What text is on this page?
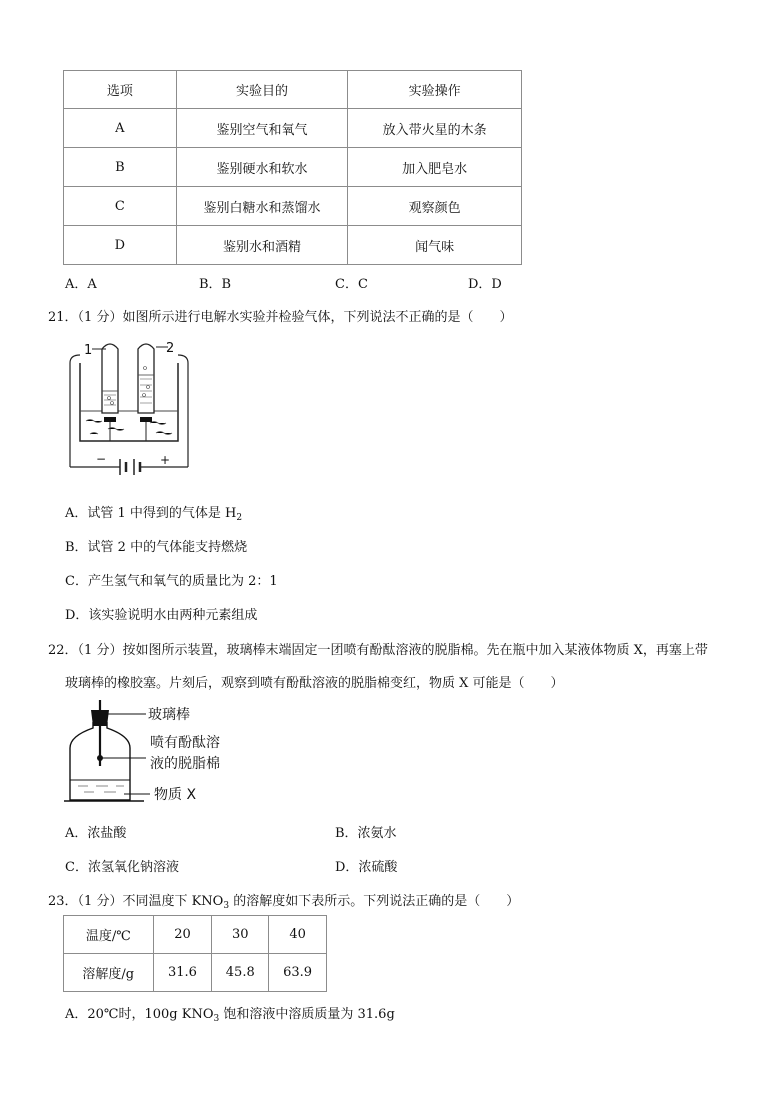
选项	实验目的	实验操作
A	鉴别空气和氧气	放入带火星的木条
B	鉴别硬水和软水	加入肥皂水
C	鉴别白糖水和蒸馏水	观察颜色
D	鉴别水和酒精	闻气味
A．A	B．B	C．C	D．D
21．（1 分）如图所示进行电解水实验并检验气体，下列说法不正确的是（　　）
1	2
−	+
A．试管 1 中得到的气体是 $H_2$
B．试管 2 中的气体能支持燃烧
C．产生氢气和氧气的质量比为 2：1
D．该实验说明水由两种元素组成
22．（1 分）按如图所示装置，玻璃棒末端固定一团喷有酚酞溶液的脱脂棉。先在瓶中加入某液体物质 X，再塞上带
玻璃棒的橡胶塞。片刻后，观察到喷有酚酞溶液的脱脂棉变红，物质 X 可能是（　　）
玻璃棒
喷有酚酞溶
液的脱脂棉
物质 X
A．浓盐酸	B．浓氨水
C．浓氢氧化钠溶液	D．浓硫酸
23．（1 分）不同温度下 $KNO_3$ 的溶解度如下表所示。下列说法正确的是（　　）
温度/℃	20	30	40
溶解度/g	31.6	45.8	63.9
A．20℃时，100g $KNO_3$ 饱和溶液中溶质质量为 31.6g
